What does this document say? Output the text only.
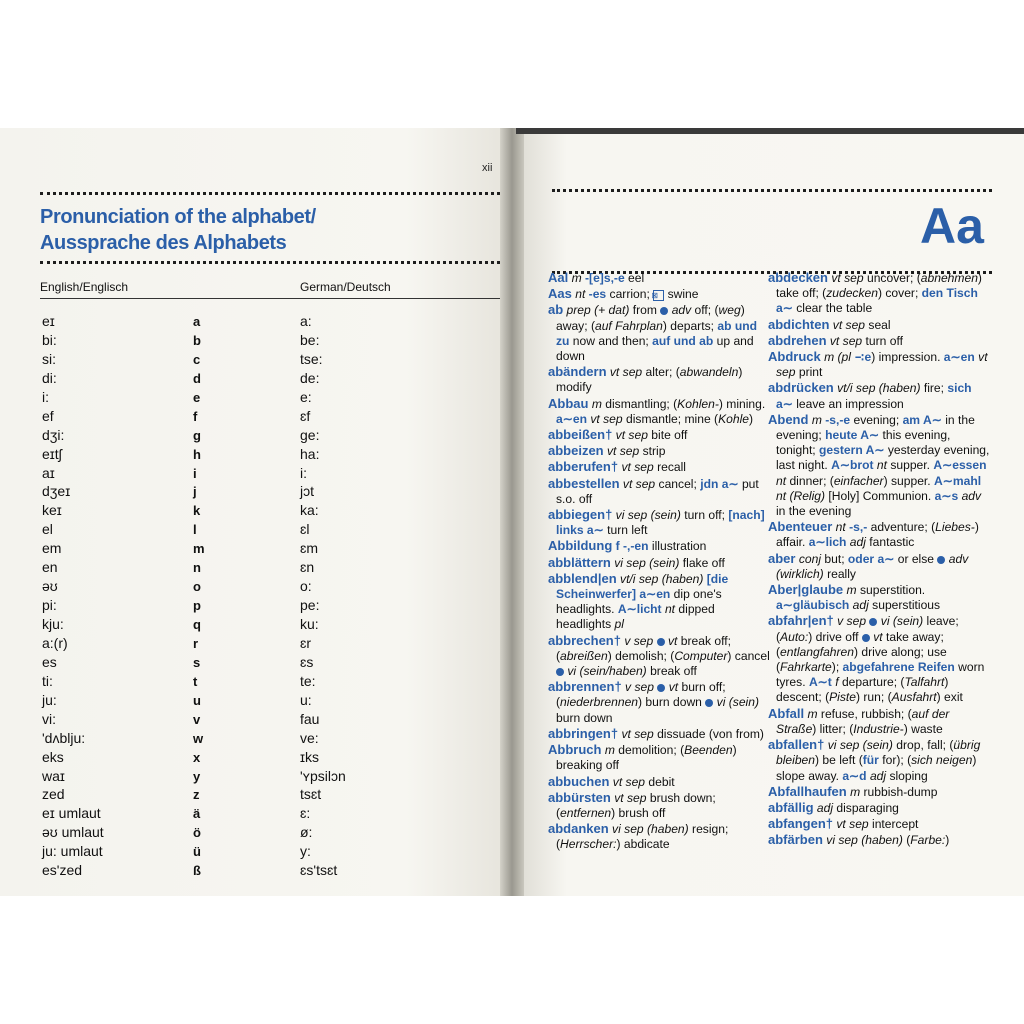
xii
Pronunciation of the alphabet/
Aussprache des Alphabets
English/Englisch	German/Deutsch
eɪ
bi:
si:
di:
i:
ef
dʒi:
eɪtʃ
aɪ
dʒeɪ
keɪ
el
em
en
əʊ
pi:
kju:
a:(r)
es
ti:
ju:
vi:
'dʌblju:
eks
waɪ
zed
eɪ umlaut
əʊ umlaut
ju: umlaut
es'zed
a
b
c
d
e
f
g
h
i
j
k
l
m
n
o
p
q
r
s
t
u
v
w
x
y
z
ä
ö
ü
ß
a:
be:
tse:
de:
e:
ɛf
ge:
ha:
i:
jɔt
ka:
ɛl
ɛm
ɛn
o:
pe:
ku:
ɛr
ɛs
te:
u:
fau
ve:
ɪks
'ʏpsilɔn
tsɛt
ɛ:
ø:
y:
ɛs'tsɛt
Aal m -[e]s,-e eel
Aas nt -es carrion; ⊠ swine
ab prep (+ dat) from  adv off; (weg) away; (auf Fahrplan) departs; ab und zu now and then; auf und ab up and down
abändern vt sep alter; (abwandeln) modify
Abbau m dismantling; (Kohlen-) mining. a∼en vt sep dismantle; mine (Kohle)
abbeißen† vt sep bite off
abbeizen vt sep strip
abberufen† vt sep recall
abbestellen vt sep cancel; jdn a∼ put s.o. off
abbiegen† vi sep (sein) turn off; [nach] links a∼ turn left
Abbildung f -,-en illustration
abblättern vi sep (sein) flake off
abblend|en vt/i sep (haben) [die Scheinwerfer] a∼en dip one's headlights. A∼licht nt dipped headlights pl
abbrechen† v sep  vt break off; (abreißen) demolish; (Computer) cancel  vi (sein/haben) break off
abbrennen† v sep  vt burn off; (niederbrennen) burn down  vi (sein) burn down
abbringen† vt sep dissuade (von from)
Abbruch m demolition; (Beenden) breaking off
abbuchen vt sep debit
abbürsten vt sep brush down; (entfernen) brush off
abdanken vi sep (haben) resign; (Herrscher:) abdicate
abdecken vt sep uncover; (abnehmen) take off; (zudecken) cover; den Tisch a∼ clear the table
abdichten vt sep seal
abdrehen vt sep turn off
Abdruck m (pl ∹e) impression. a∼en vt sep print
abdrücken vt/i sep (haben) fire; sich a∼ leave an impression
Abend m -s,-e evening; am A∼ in the evening; heute A∼ this evening, tonight; gestern A∼ yesterday evening, last night. A∼brot nt supper. A∼essen nt dinner; (einfacher) supper. A∼mahl nt (Relig) [Holy] Communion. a∼s adv in the evening
Abenteuer nt -s,- adventure; (Liebes-) affair. a∼lich adj fantastic
aber conj but; oder a∼ or else  adv (wirklich) really
Aber|glaube m superstition. a∼gläubisch adj superstitious
abfahr|en† v sep  vi (sein) leave; (Auto:) drive off  vt take away; (entlangfahren) drive along; use (Fahrkarte); abgefahrene Reifen worn tyres. A∼t f departure; (Talfahrt) descent; (Piste) run; (Ausfahrt) exit
Abfall m refuse, rubbish; (auf der Straße) litter; (Industrie-) waste
abfallen† vi sep (sein) drop, fall; (übrig bleiben) be left (für for); (sich neigen) slope away. a∼d adj sloping
Abfallhaufen m rubbish-dump
abfällig adj disparaging
abfangen† vt sep intercept
abfärben vi sep (haben) (Farbe:)
Aa
